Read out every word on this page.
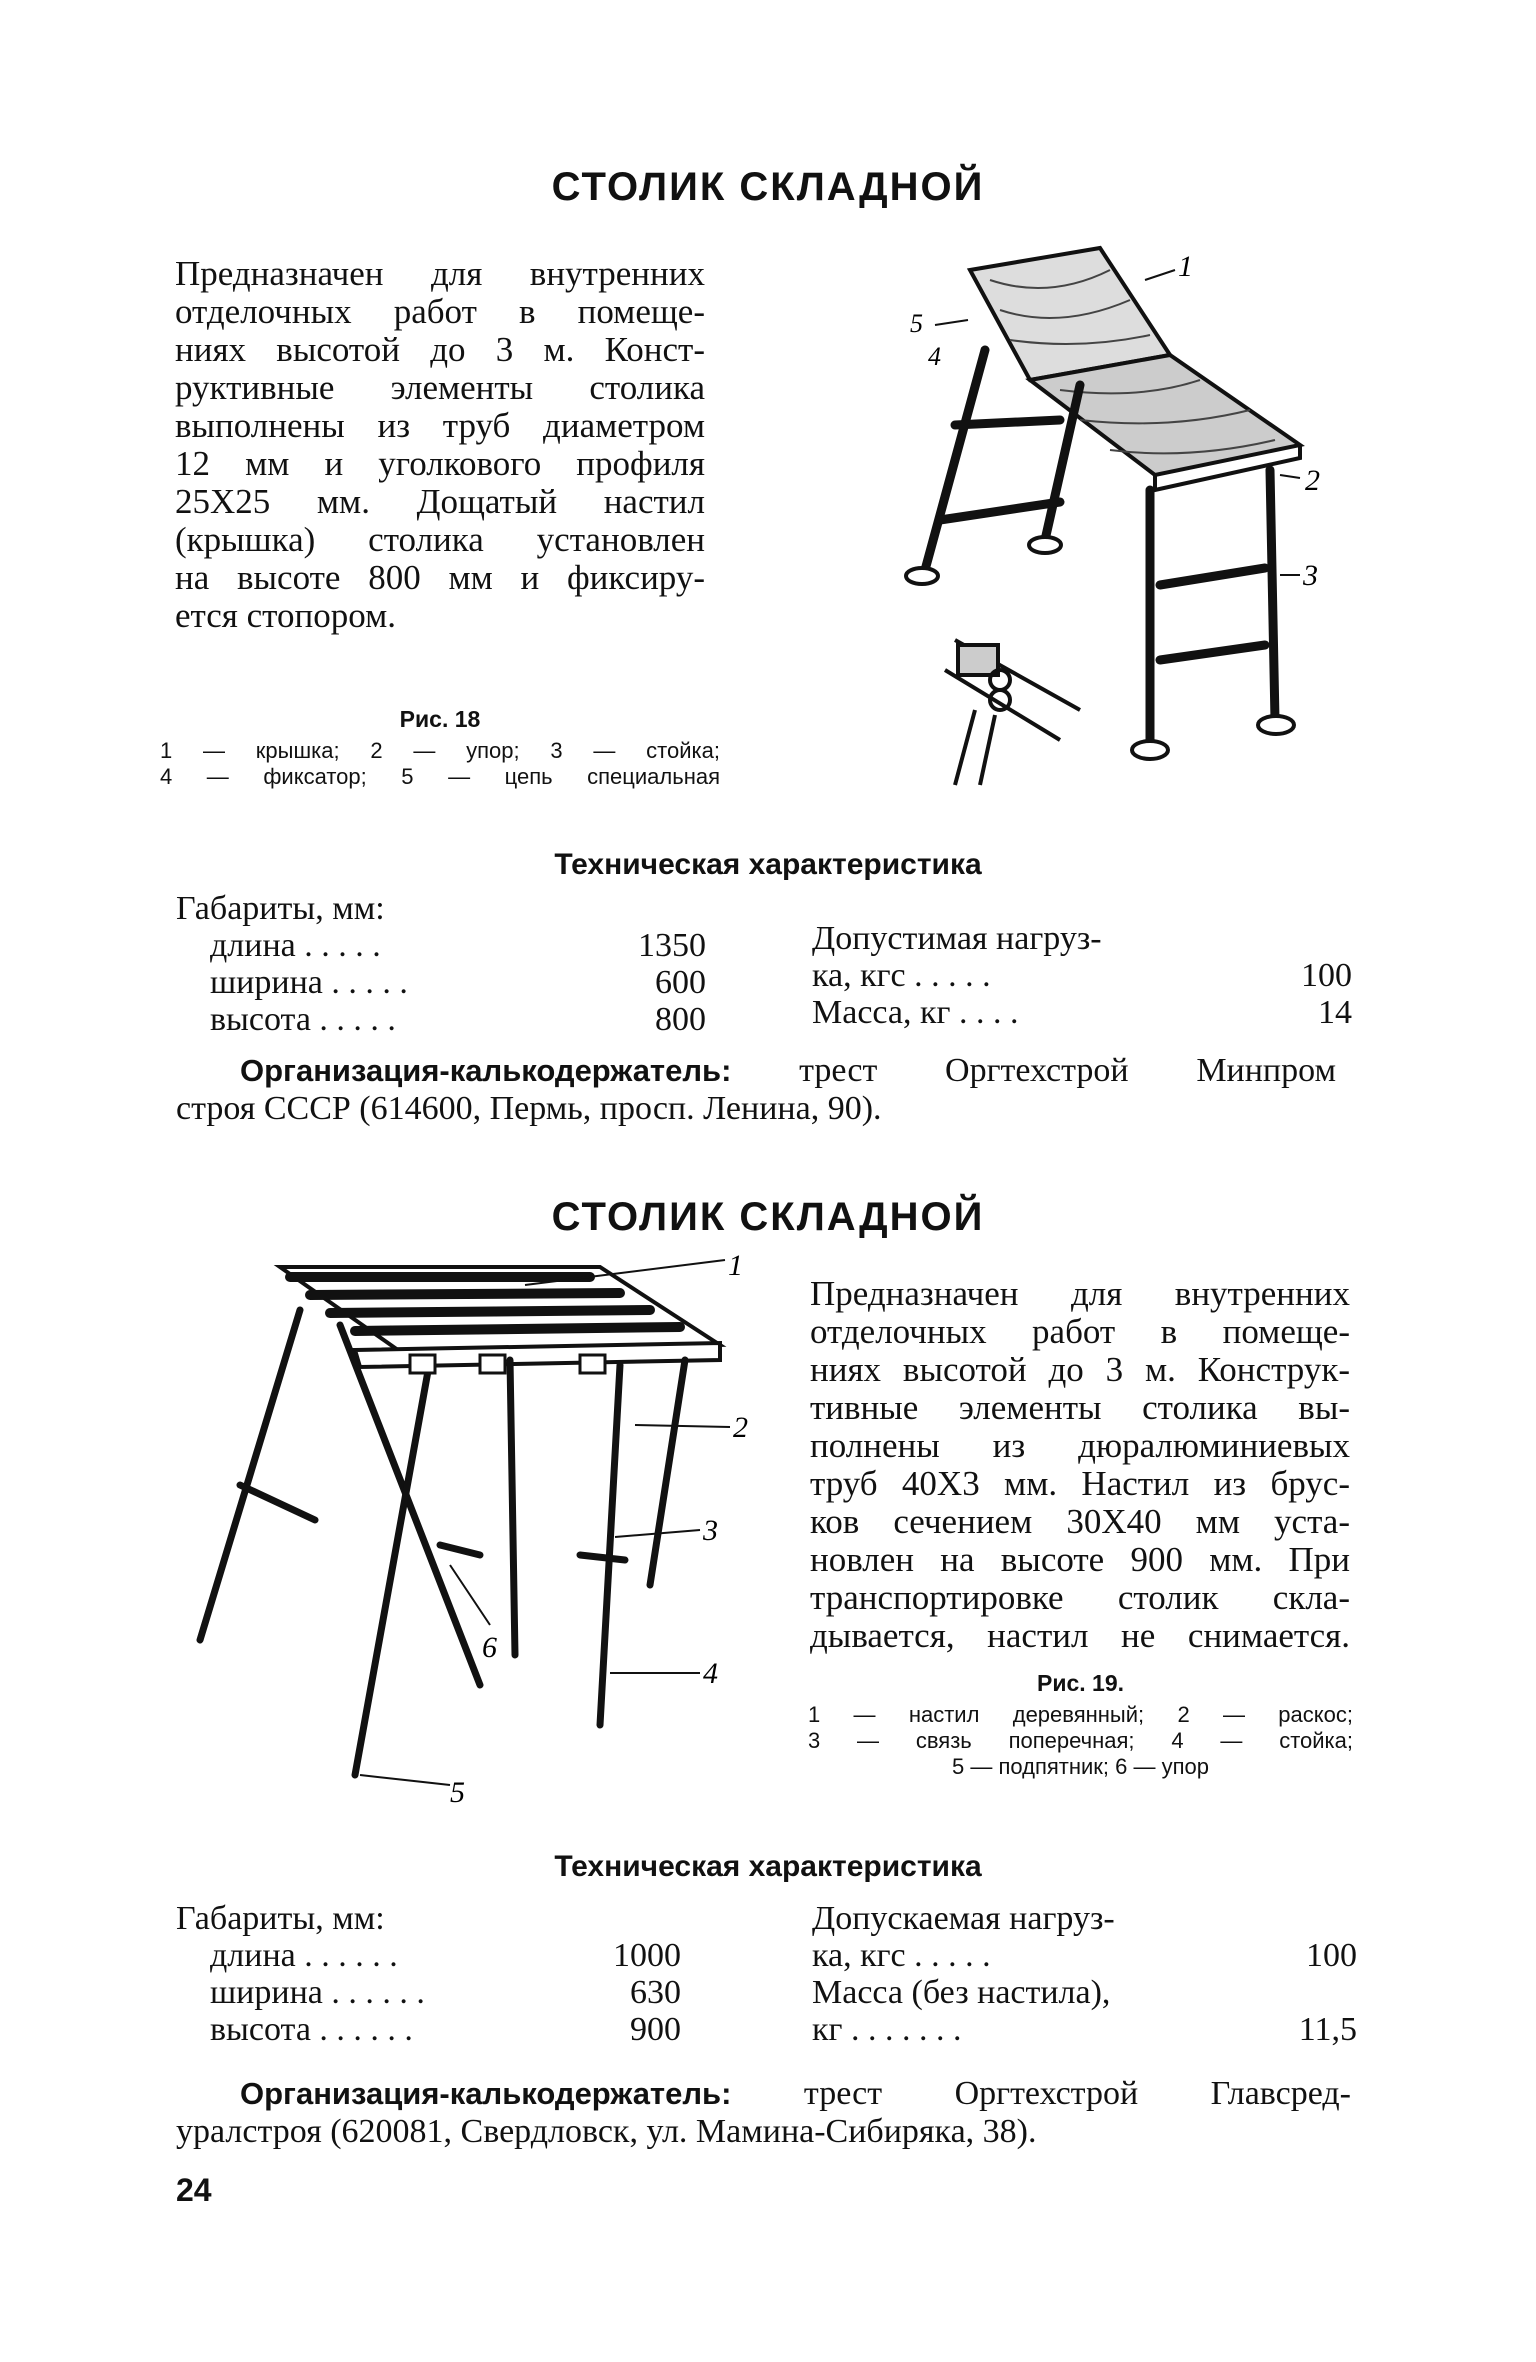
СТОЛИК СКЛАДНОЙ

Предназначен для внутренних

отделочных работ в помеще-

ниях высотой до 3 м. Конст-

руктивные элементы столика

выполнены из труб диаметром

12 мм и уголкового профиля

25X25 мм. Дощатый настил

(крышка) столика установлен

на высоте 800 мм и фиксиру-

ется стопором.

1
2
3
4
5

Рис. 18

1 — крышка; 2 — упор; 3 — стойка;

4 — фиксатор; 5 — цепь специальная

Техническая характеристика
Габариты, мм:
длина . . . . .	1350
ширина . . . . .	600
высота . . . . .	800
Допустимая нагруз-
ка, кгс . . . . .	100
Масса, кг . . . .	14

Организация-калькодержатель: трест Оргтехстрой Минпром

строя СССР (614600, Пермь, просп. Ленина, 90).

СТОЛИК СКЛАДНОЙ
1
2
3
4
5
6

Предназначен для внутренних

отделочных работ в помеще-

ниях высотой до 3 м. Конструк-

тивные элементы столика вы-

полнены из дюралюминиевых

труб 40X3 мм. Настил из брус-

ков сечением 30X40 мм уста-

новлен на высоте 900 мм. При

транспортировке столик скла-

дывается, настил не снимается.

Рис. 19.

1 — настил деревянный; 2 — раскос;

3 — связь поперечная; 4 — стойка;

5 — подпятник; 6 — упор

Техническая характеристика
Габариты, мм:
длина . . . . . .	1000
ширина . . . . . .	630
высота . . . . . .	900
Допускаемая нагруз-
ка, кгс . . . . .	100
Масса (без настила),
кг . . . . . . .	11,5

Организация-калькодержатель: трест Оргтехстрой Главсред-

уралстроя (620081, Свердловск, ул. Мамина-Сибиряка, 38).

24
